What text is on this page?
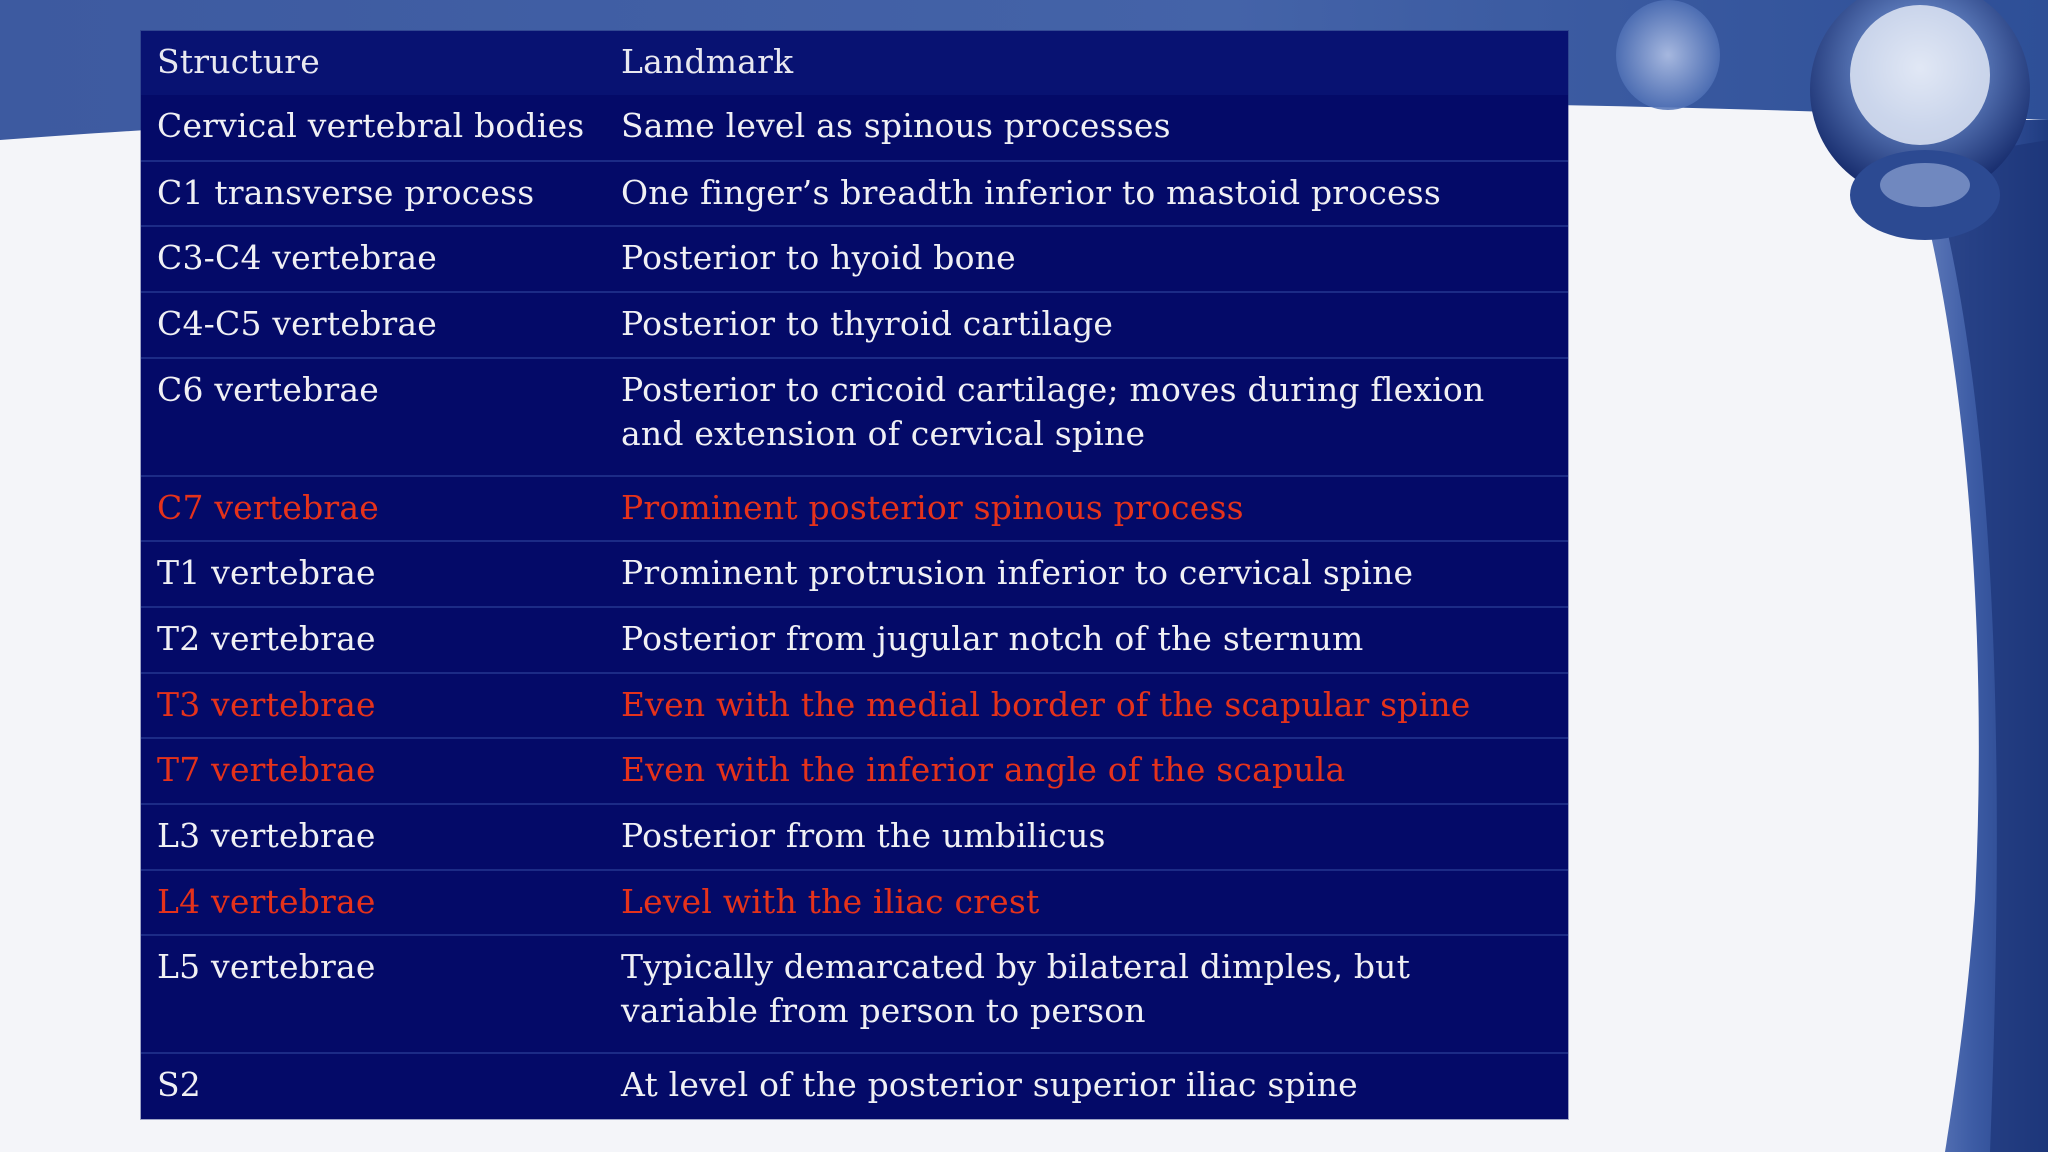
Structure	Landmark
Cervical vertebral bodies	Same level as spinous processes
C1 transverse process	One finger’s breadth inferior to mastoid process
C3-C4 vertebrae	Posterior to hyoid bone
C4-C5 vertebrae	Posterior to thyroid cartilage
C6 vertebrae	Posterior to cricoid cartilage; moves during flexion and extension of cervical spine
C7 vertebrae	Prominent posterior spinous process
T1 vertebrae	Prominent protrusion inferior to cervical spine
T2 vertebrae	Posterior from jugular notch of the sternum
T3 vertebrae	Even with the medial border of the scapular spine
T7 vertebrae	Even with the inferior angle of the scapula
L3 vertebrae	Posterior from the umbilicus
L4 vertebrae	Level with the iliac crest
L5 vertebrae	Typically demarcated by bilateral dimples, but variable from person to person
S2	At level of the posterior superior iliac spine
